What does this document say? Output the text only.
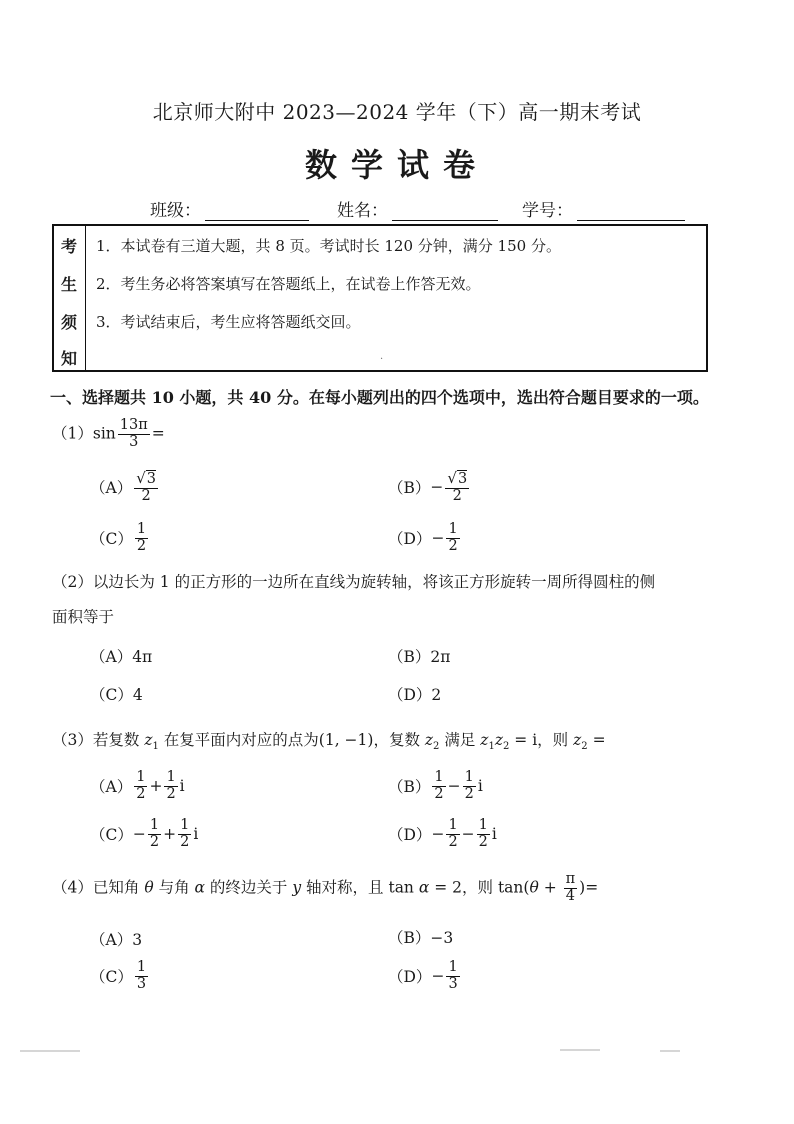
北京师大附中 2023—2024 学年（下）高一期末考试
数学试卷
班级：	姓名：	学号：
考
生
须
知
1．本试卷有三道大题，共 8 页。考试时长 120 分钟，满分 150 分。
2．考生务必将答案填写在答题纸上，在试卷上作答无效。
3．考试结束后，考生应将答题纸交回。
·
一、选择题共 10 小题，共 40 分。在每小题列出的四个选项中，选出符合题目要求的一项。
$(1)\sin \frac{13\pi}{3}$ =
$(A) \frac{√3}{2}$	$(B) - \frac{√3}{2}$
$(C) \frac{1}{2}$	$(D) - \frac{1}{2}$
（2）以边长为 1 的正方形的一边所在直线为旋转轴，将该正方形旋转一周所得圆柱的侧
面积等于
（A）4π	（B）2π
（C）4	（D）2
（3）若复数 $z_1$ 在复平面内对应的点为(1, −1)，复数 $z_2$ 满足 $z_1z_2 = i$，则 $z_2$ =
$(A) \frac{1}{2} + \frac{1}{2}$ i	$(B) \frac{1}{2} - \frac{1}{2}$ i
$(C) - \frac{1}{2} + \frac{1}{2}$ i	$(D) - \frac{1}{2} - \frac{1}{2}$ i
（4）已知角 θ 与角 α 的终边关于 y 轴对称，且 tan α = 2，则 $\tan(\theta + \frac{\pi}{4}$ )=
（A）3	（B）−3
$(C) \frac{1}{3}$	$(D) - \frac{1}{3}$
